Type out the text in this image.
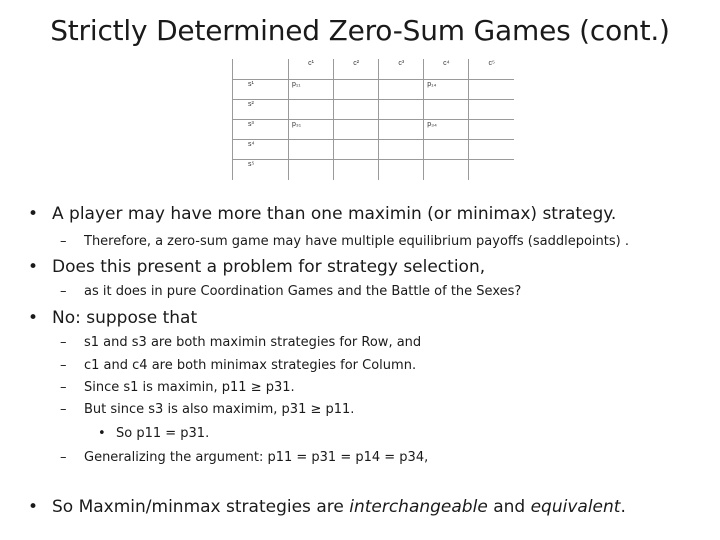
Strictly Determined Zero-Sum Games (cont.)
	c¹	c²	c³	c⁴	c⁵
s¹	p₁₁			p₁₄	
s²					
s³	p₃₁			p₃₄	
s⁴					
s⁵					
• A player may have more than one maximin (or minimax) strategy.
– Therefore, a zero-sum game may have multiple equilibrium payoffs (saddlepoints) .
• Does this present a problem for strategy selection,
– as it does in pure Coordination Games and the Battle of the Sexes?
• No: suppose that
– s1 and s3 are both maximin strategies for Row, and
– c1 and c4 are both minimax strategies for Column.
– Since s1 is maximin, p11 ≥ p31.
– But since s3 is also maximim, p31 ≥ p11.
• So p11 = p31.
– Generalizing the argument: p11 = p31 = p14 = p34,
• So Maxmin/minmax strategies are interchangeable and equivalent.
